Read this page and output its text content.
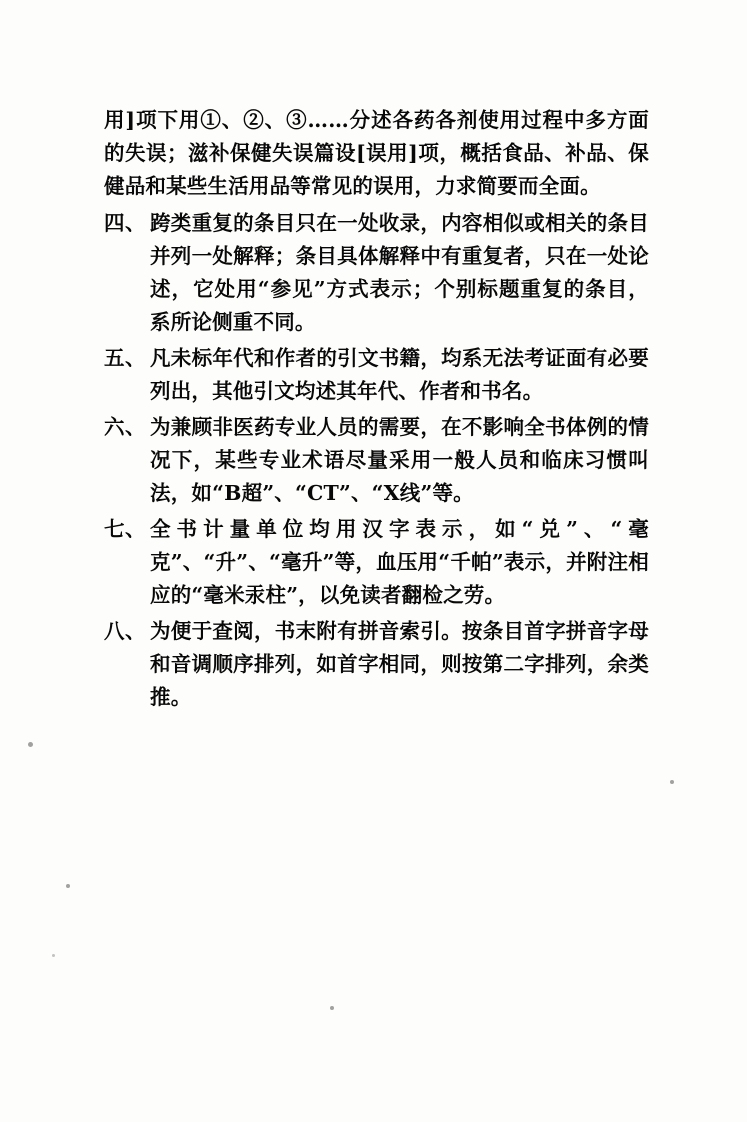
用]项下用①、②、③……分述各药各剂使用过程中多方面的失误；滋补保健失误篇设[误用]项，概括食品、补品、保健品和某些生活用品等常见的误用，力求简要而全面。

四、 跨类重复的条目只在一处收录，内容相似或相关的条目并列一处解释；条目具体解释中有重复者，只在一处论述，它处用“参见”方式表示；个别标题重复的条目，系所论侧重不同。
五、 凡未标年代和作者的引文书籍，均系无法考证面有必要列出，其他引文均述其年代、作者和书名。
六、 为兼顾非医药专业人员的需要，在不影响全书体例的情况下，某些专业术语尽量采用一般人员和临床习惯叫法，如“B超”、“CT”、“X线”等。
七、 全书计量单位均用汉字表示，如“兑”、“毫克”、“升”、“毫升”等，血压用“千帕”表示，并附注相应的“毫米汞柱”，以免读者翻检之劳。
八、 为便于查阅，书末附有拼音索引。按条目首字拼音字母和音调顺序排列，如首字相同，则按第二字排列，余类推。
